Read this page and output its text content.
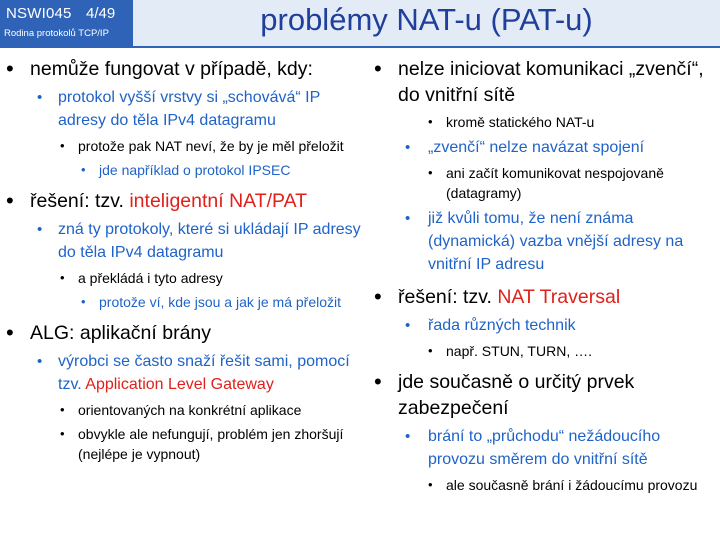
NSWI045 4/49
Rodina protokolů TCP/IP	problémy NAT-u (PAT-u)
• nemůže fungovat v případě, kdy:
• protokol vyšší vrstvy si „schovává“ IP adresy do těla IPv4 datagramu
• protože pak NAT neví, že by je měl přeložit
• jde například o protokol IPSEC
• řešení: tzv. inteligentní NAT/PAT
• zná ty protokoly, které si ukládají IP adresy do těla IPv4 datagramu
• a překládá i tyto adresy
• protože ví, kde jsou a jak je má přeložit
• ALG: aplikační brány
• výrobci se často snaží řešit sami, pomocí tzv. Application Level Gateway
• orientovaných na konkrétní aplikace
• obvykle ale nefungují, problém jen zhoršují (nejlépe je vypnout)
• nelze iniciovat komunikaci „zvenčí“, do vnitřní sítě
• kromě statického NAT-u
• „zvenčí“ nelze navázat spojení
• ani začít komunikovat nespojovaně (datagramy)
• již kvůli tomu, že není známa (dynamická) vazba vnější adresy na vnitřní IP adresu
• řešení: tzv. NAT Traversal
• řada různých technik
• např. STUN, TURN, ….
• jde současně o určitý prvek zabezpečení
• brání to „průchodu“ nežádoucího provozu směrem do vnitřní sítě
• ale současně brání i žádoucímu provozu
